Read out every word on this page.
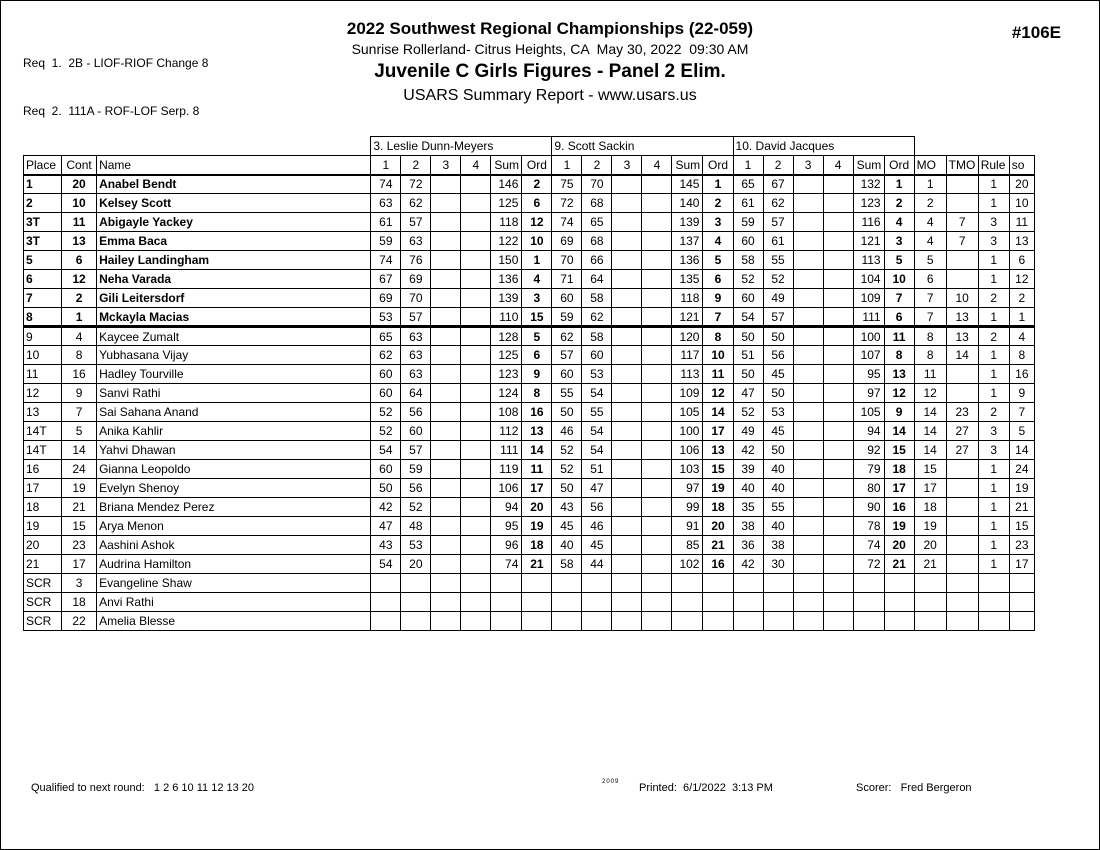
Req  1.  2B - LIOF-RIOF Change 8

Req  2.  111A - ROF-LOF Serp. 8

2022 Southwest Regional Championships (22-059)
Sunrise Rollerland- Citrus Heights, CA  May 30, 2022  09:30 AM
Juvenile C Girls Figures - Panel 2 Elim.
USARS Summary Report - www.usars.us
#106E
			3. Leslie Dunn-Meyers						9. Scott Sackin						10. David Jacques									
Place	Cont	Name	1	2	3	4	Sum	Ord	1	2	3	4	Sum	Ord	1	2	3	4	Sum	Ord	MO	TMO	Rule	so
1	20	Anabel Bendt	74	72			146	2	75	70			145	1	65	67			132	1	1		1	20
2	10	Kelsey Scott	63	62			125	6	72	68			140	2	61	62			123	2	2		1	10
3T	11	Abigayle Yackey	61	57			118	12	74	65			139	3	59	57			116	4	4	7	3	11
3T	13	Emma Baca	59	63			122	10	69	68			137	4	60	61			121	3	4	7	3	13
5	6	Hailey Landingham	74	76			150	1	70	66			136	5	58	55			113	5	5		1	6
6	12	Neha Varada	67	69			136	4	71	64			135	6	52	52			104	10	6		1	12
7	2	Gili Leitersdorf	69	70			139	3	60	58			118	9	60	49			109	7	7	10	2	2
8	1	Mckayla Macias	53	57			110	15	59	62			121	7	54	57			111	6	7	13	1	1
9	4	Kaycee Zumalt	65	63			128	5	62	58			120	8	50	50			100	11	8	13	2	4
10	8	Yubhasana Vijay	62	63			125	6	57	60			117	10	51	56			107	8	8	14	1	8
11	16	Hadley Tourville	60	63			123	9	60	53			113	11	50	45			95	13	11		1	16
12	9	Sanvi Rathi	60	64			124	8	55	54			109	12	47	50			97	12	12		1	9
13	7	Sai Sahana Anand	52	56			108	16	50	55			105	14	52	53			105	9	14	23	2	7
14T	5	Anika Kahlir	52	60			112	13	46	54			100	17	49	45			94	14	14	27	3	5
14T	14	Yahvi Dhawan	54	57			111	14	52	54			106	13	42	50			92	15	14	27	3	14
16	24	Gianna Leopoldo	60	59			119	11	52	51			103	15	39	40			79	18	15		1	24
17	19	Evelyn Shenoy	50	56			106	17	50	47			97	19	40	40			80	17	17		1	19
18	21	Briana Mendez Perez	42	52			94	20	43	56			99	18	35	55			90	16	18		1	21
19	15	Arya Menon	47	48			95	19	45	46			91	20	38	40			78	19	19		1	15
20	23	Aashini Ashok	43	53			96	18	40	45			85	21	36	38			74	20	20		1	23
21	17	Audrina Hamilton	54	20			74	21	58	44			102	16	42	30			72	21	21		1	17
SCR	3	Evangeline Shaw																						
SCR	18	Anvi Rathi																						
SCR	22	Amelia Blesse																						
Qualified to next round:   1 2 6 10 11 12 13 20	2009 Printed:  6/1/2022  3:13 PM	Scorer:   Fred Bergeron
